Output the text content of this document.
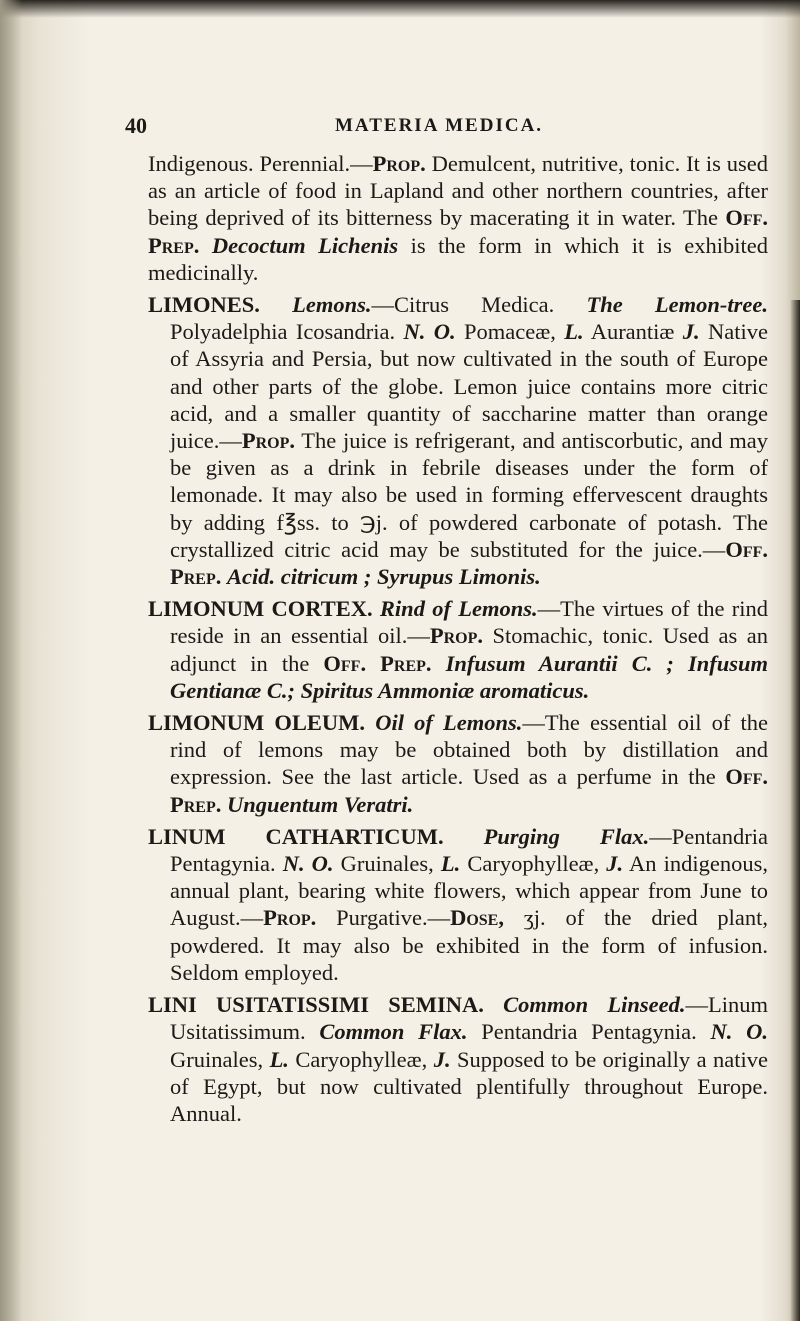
40	MATERIA MEDICA.

Indigenous. Perennial.—Prop. Demulcent, nutritive, tonic. It is used as an article of food in Lapland and other northern countries, after being deprived of its bitterness by macerating it in water. The Off. Prep. Decoctum Lichenis is the form in which it is exhibited medicinally.

LIMONES. Lemons.—Citrus Medica. The Lemon-tree. Polyadelphia Icosandria. N. O. Pomaceæ, L. Aurantiæ J. Native of Assyria and Persia, but now cultivated in the south of Europe and other parts of the globe. Lemon juice contains more citric acid, and a smaller quantity of saccharine matter than orange juice.—Prop. The juice is refrigerant, and antiscorbutic, and may be given as a drink in febrile diseases under the form of lemonade. It may also be used in forming effervescent draughts by adding f℥ss. to ℈j. of powdered carbonate of potash. The crystallized citric acid may be substituted for the juice.—Off. Prep. Acid. citricum ; Syrupus Limonis.

LIMONUM CORTEX. Rind of Lemons.—The virtues of the rind reside in an essential oil.—Prop. Stomachic, tonic. Used as an adjunct in the Off. Prep. Infusum Aurantii C. ; Infusum Gentianæ C.; Spiritus Ammoniæ aromaticus.

LIMONUM OLEUM. Oil of Lemons.—The essential oil of the rind of lemons may be obtained both by distillation and expression. See the last article. Used as a perfume in the Off. Prep. Unguentum Veratri.

LINUM CATHARTICUM. Purging Flax.—Pentandria Pentagynia. N. O. Gruinales, L. Caryophylleæ, J. An indigenous, annual plant, bearing white flowers, which appear from June to August.—Prop. Purgative.—Dose, ʒj. of the dried plant, powdered. It may also be exhibited in the form of infusion. Seldom employed.

LINI USITATISSIMI SEMINA. Common Linseed.—Linum Usitatissimum. Common Flax. Pentandria Pentagynia. N. O. Gruinales, L. Caryophylleæ, J. Supposed to be originally a native of Egypt, but now cultivated plentifully throughout Europe. Annual.
